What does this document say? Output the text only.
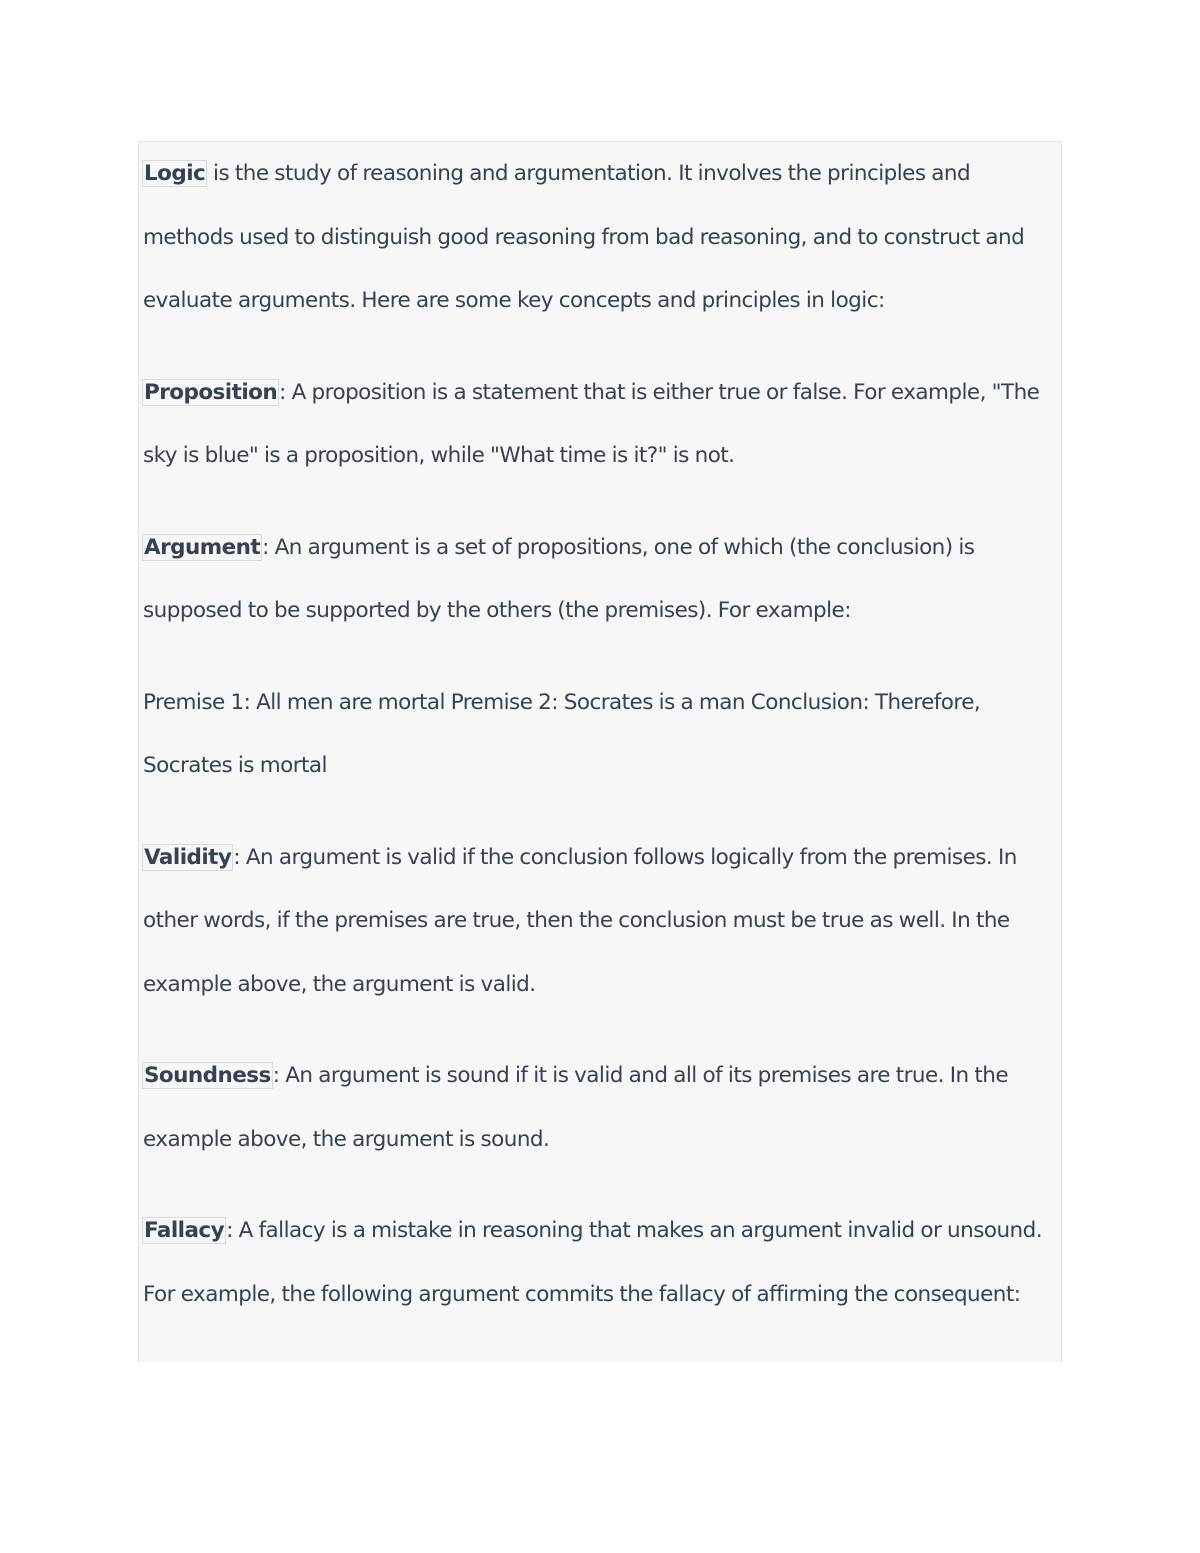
Logic is the study of reasoning and argumentation. It involves the principles and methods used to distinguish good reasoning from bad reasoning, and to construct and evaluate arguments. Here are some key concepts and principles in logic:

Proposition: A proposition is a statement that is either true or false. For example, "The sky is blue" is a proposition, while "What time is it?" is not.

Argument: An argument is a set of propositions, one of which (the conclusion) is supposed to be supported by the others (the premises). For example:

Premise 1: All men are mortal Premise 2: Socrates is a man Conclusion: Therefore, Socrates is mortal

Validity: An argument is valid if the conclusion follows logically from the premises. In other words, if the premises are true, then the conclusion must be true as well. In the example above, the argument is valid.

Soundness: An argument is sound if it is valid and all of its premises are true. In the example above, the argument is sound.

Fallacy: A fallacy is a mistake in reasoning that makes an argument invalid or unsound. For example, the following argument commits the fallacy of affirming the consequent:
